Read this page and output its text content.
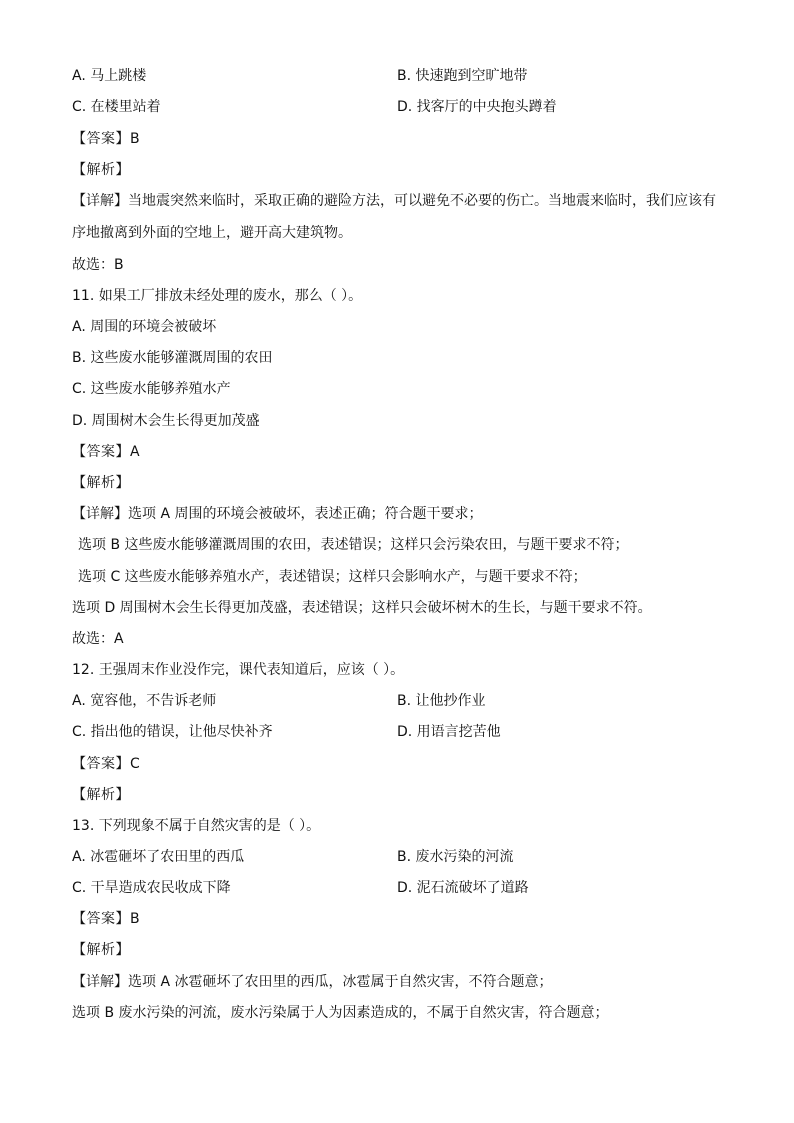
A. 马上跳楼	B. 快速跑到空旷地带
C. 在楼里站着	D. 找客厅的中央抱头蹲着
【答案】B
【解析】
【详解】当地震突然来临时，采取正确的避险方法，可以避免不必要的伤亡。当地震来临时，我们应该有
序地撤离到外面的空地上，避开高大建筑物。
故选：B
11. 如果工厂排放未经处理的废水，那么（ ）。
A. 周围的环境会被破坏
B. 这些废水能够灌溉周围的农田
C. 这些废水能够养殖水产
D. 周围树木会生长得更加茂盛
【答案】A
【解析】
【详解】选项 A 周围的环境会被破坏，表述正确；符合题干要求；
选项 B 这些废水能够灌溉周围的农田，表述错误；这样只会污染农田，与题干要求不符；
选项 C 这些废水能够养殖水产，表述错误；这样只会影响水产，与题干要求不符；
选项 D 周围树木会生长得更加茂盛，表述错误；这样只会破坏树木的生长，与题干要求不符。
故选：A
12. 王强周末作业没作完，课代表知道后，应该（ ）。
A. 宽容他，不告诉老师	B. 让他抄作业
C. 指出他的错误，让他尽快补齐	D. 用语言挖苦他
【答案】C
【解析】
13. 下列现象不属于自然灾害的是（ ）。
A. 冰雹砸坏了农田里的西瓜	B. 废水污染的河流
C. 干旱造成农民收成下降	D. 泥石流破坏了道路
【答案】B
【解析】
【详解】选项 A 冰雹砸坏了农田里的西瓜，冰雹属于自然灾害，不符合题意；
选项 B 废水污染的河流，废水污染属于人为因素造成的，不属于自然灾害，符合题意；
